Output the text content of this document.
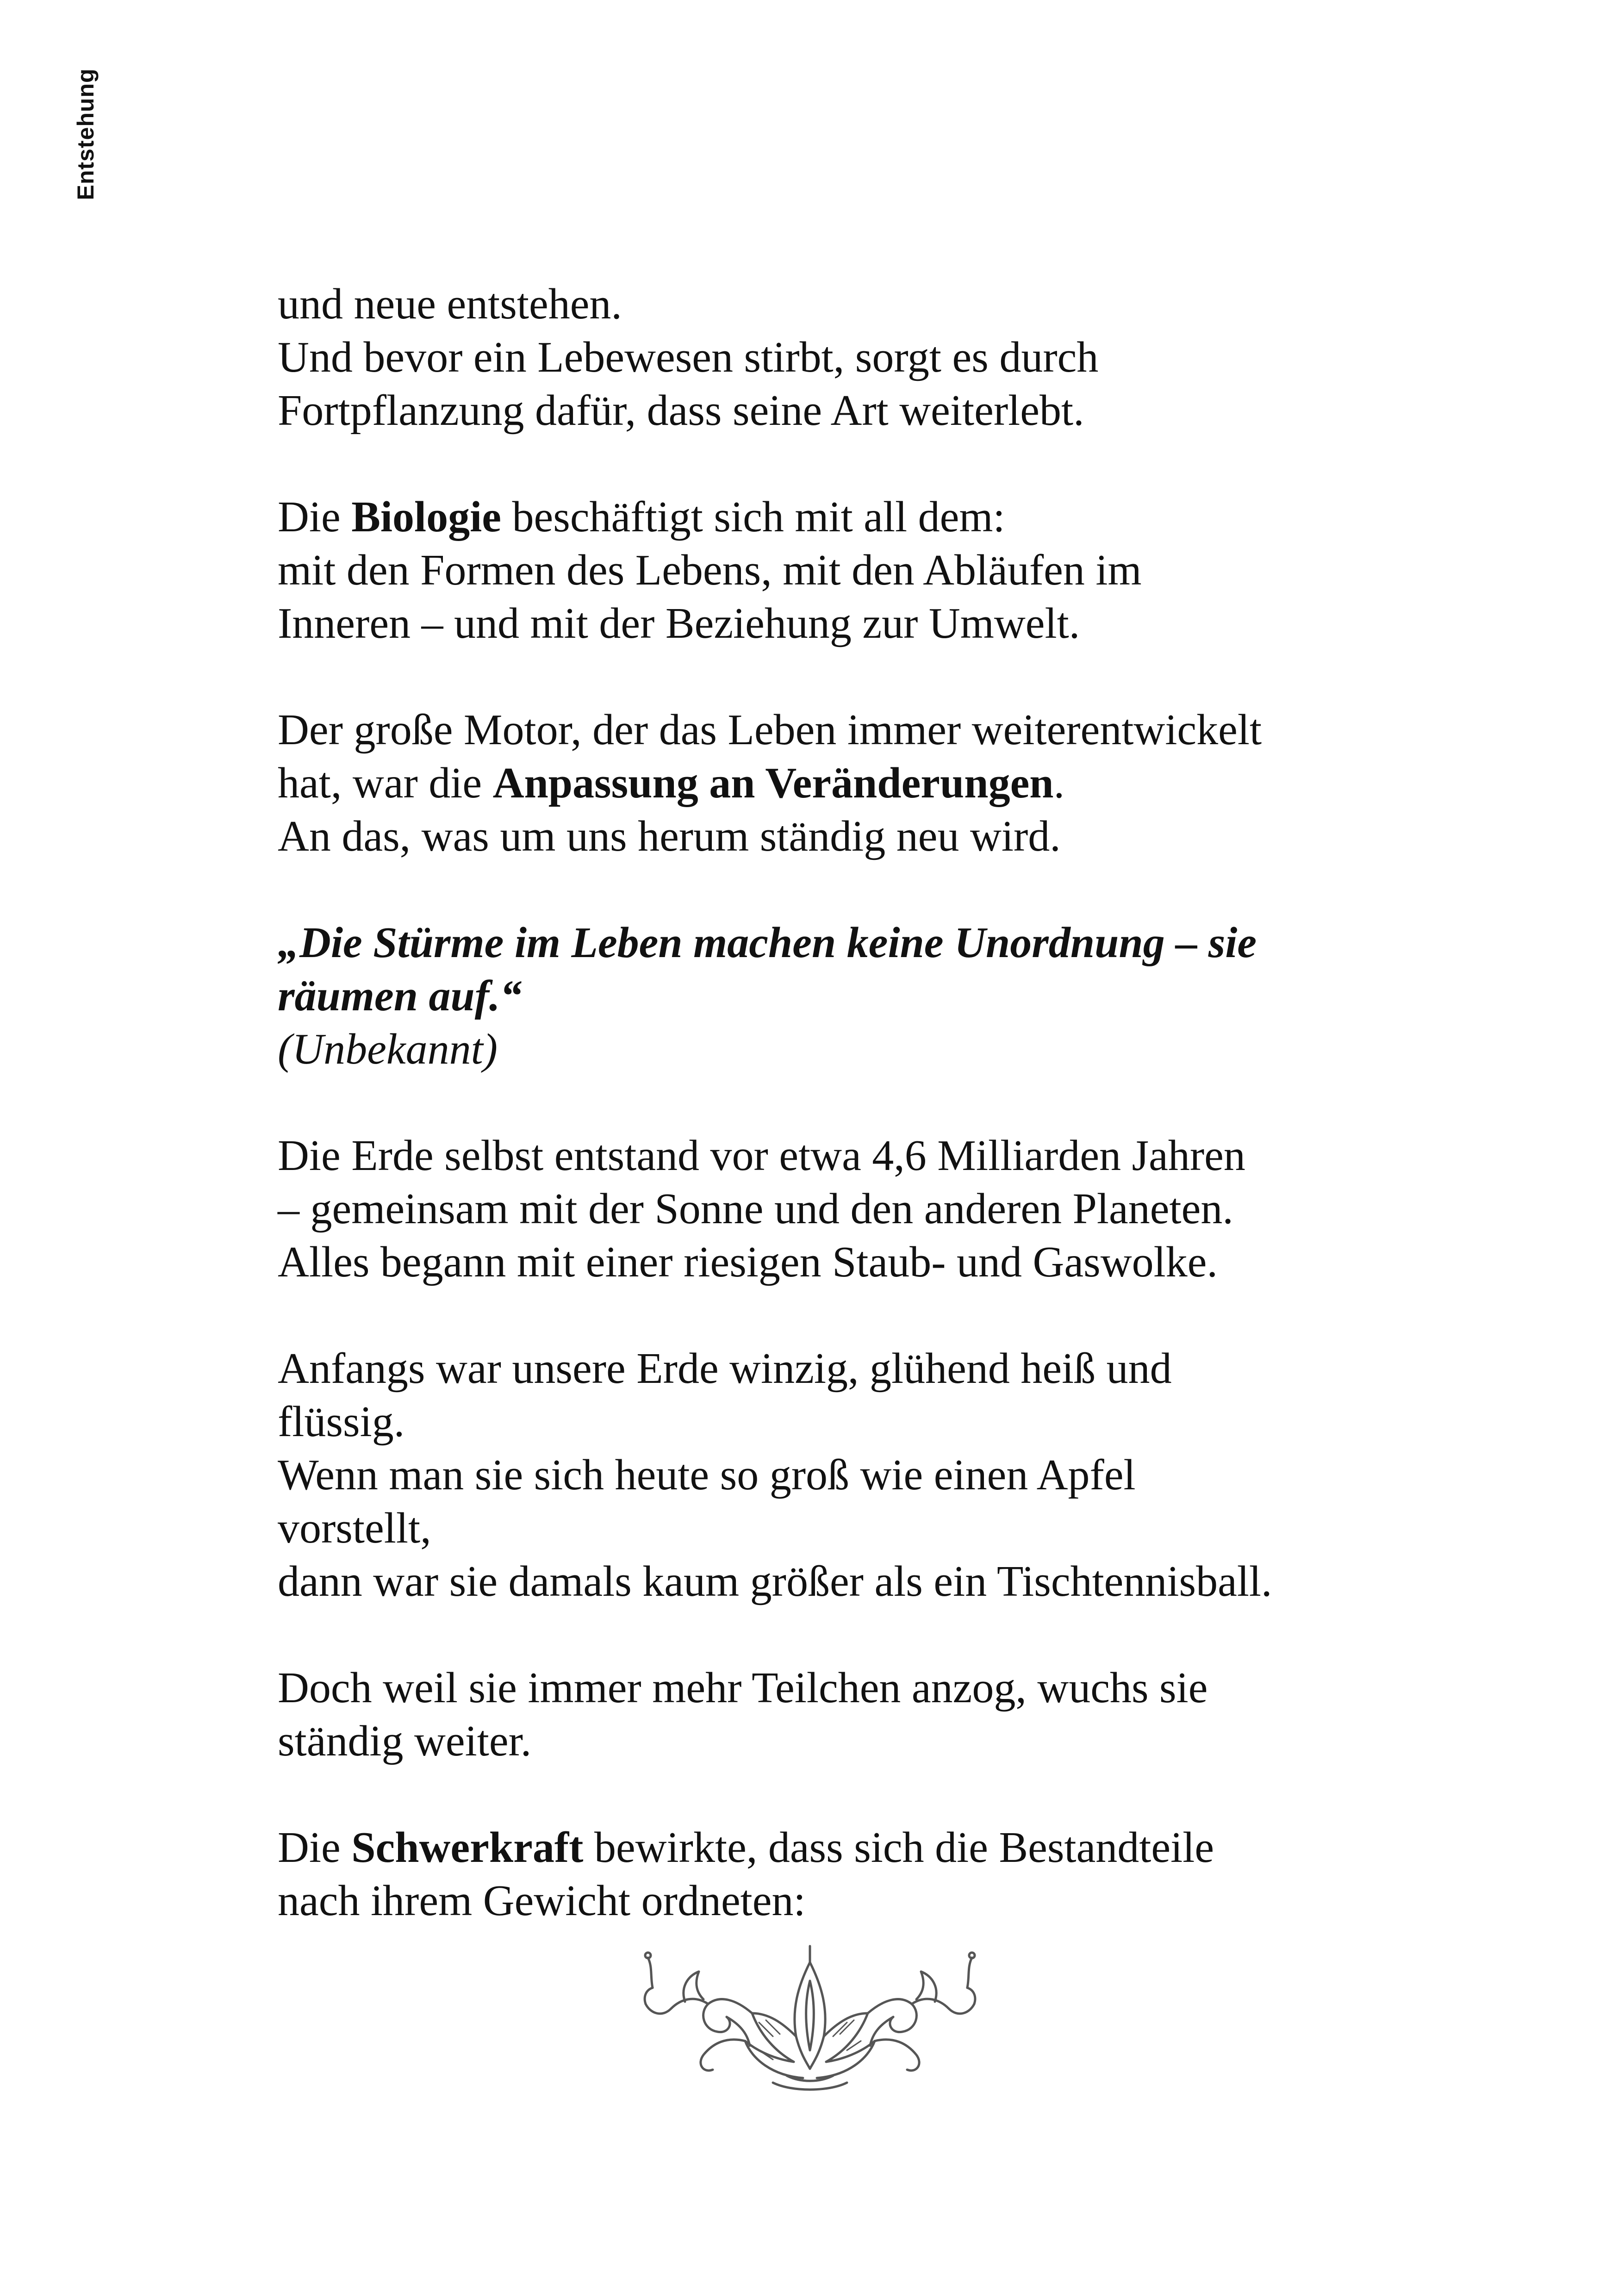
Entstehung
und neue entstehen.
Und bevor ein Lebewesen stirbt, sorgt es durch
Fortpflanzung dafür, dass seine Art weiterlebt.
Die Biologie beschäftigt sich mit all dem:
mit den Formen des Lebens, mit den Abläufen im
Inneren – und mit der Beziehung zur Umwelt.
Der große Motor, der das Leben immer weiterentwickelt
hat, war die Anpassung an Veränderungen.
An das, was um uns herum ständig neu wird.
„Die Stürme im Leben machen keine Unordnung – sie
räumen auf.“
(Unbekannt)
Die Erde selbst entstand vor etwa 4,6 Milliarden Jahren
– gemeinsam mit der Sonne und den anderen Planeten.
Alles begann mit einer riesigen Staub- und Gaswolke.
Anfangs war unsere Erde winzig, glühend heiß und
flüssig.
Wenn man sie sich heute so groß wie einen Apfel
vorstellt,
dann war sie damals kaum größer als ein Tischtennisball.
Doch weil sie immer mehr Teilchen anzog, wuchs sie
ständig weiter.
Die Schwerkraft bewirkte, dass sich die Bestandteile
nach ihrem Gewicht ordneten:
